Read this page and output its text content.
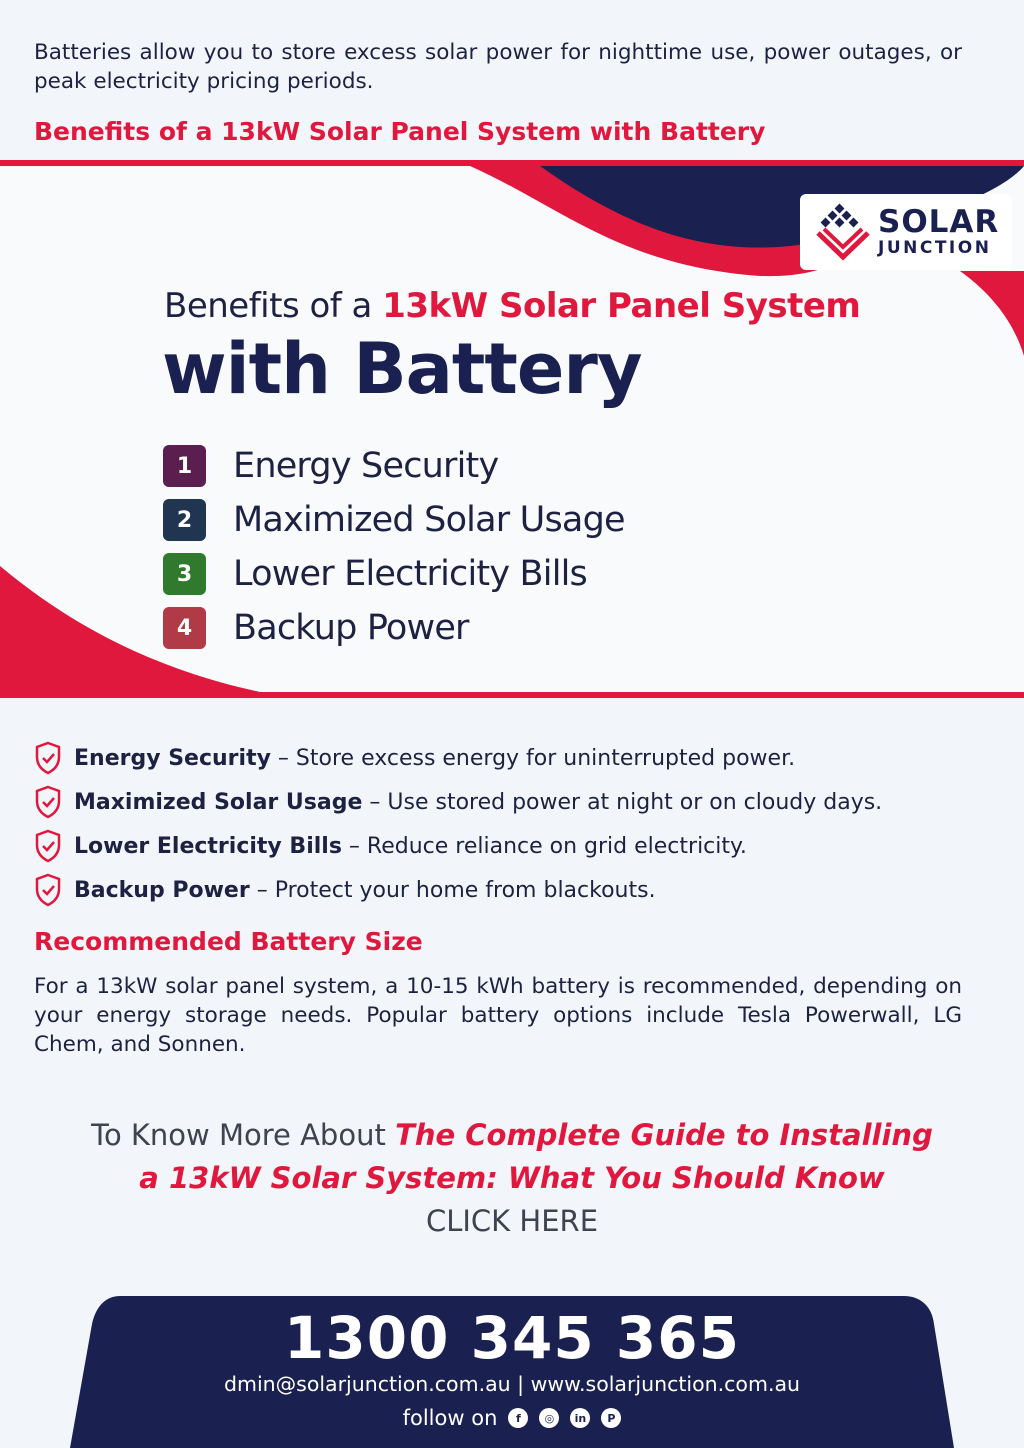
Batteries allow you to store excess solar power for nighttime use, power outages, or peak electricity pricing periods.

Benefits of a 13kW Solar Panel System with Battery
SOLAR
JUNCTION
Benefits of a 13kW Solar Panel System
with Battery
1	Energy Security
2	Maximized Solar Usage
3	Lower Electricity Bills
4	Backup Power
Energy Security – Store excess energy for uninterrupted power.
Maximized Solar Usage – Use stored power at night or on cloudy days.
Lower Electricity Bills – Reduce reliance on grid electricity.
Backup Power – Protect your home from blackouts.
Recommended Battery Size

For a 13kW solar panel system, a 10-15 kWh battery is recommended, depending on your energy storage needs. Popular battery options include Tesla Powerwall, LG Chem, and Sonnen.

To Know More About The Complete Guide to Installing
a 13kW Solar System: What You Should Know
CLICK HERE
1300 345 365
dmin@solarjunction.com.au | www.solarjunction.com.au
follow on	f	◎	in	P
